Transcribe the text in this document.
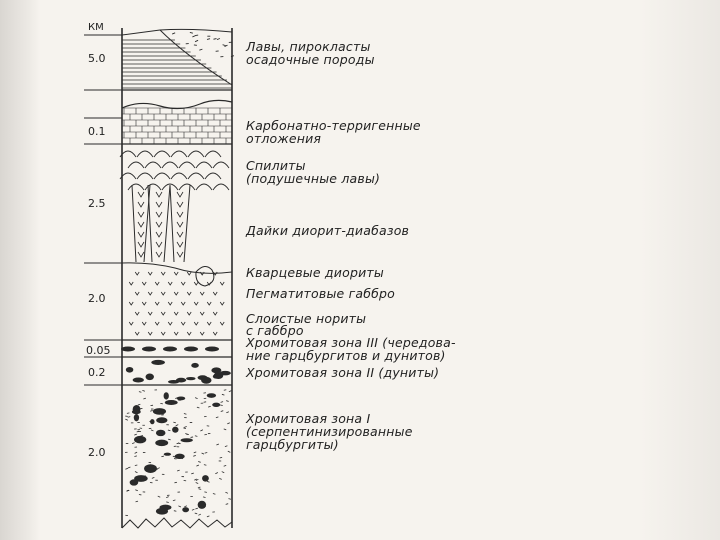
КМ
5.0
0.1
2.5
2.0
0.05
0.2
2.0
Лавы, пирокласты
осадочные породы
Карбонатно-терригенные
отложения
Спилиты
(подушечные лавы)
Дайки диорит-диабазов
Кварцевые диориты
Пегматитовые габбро
Слоистые нориты
с габбро
Хромитовая зона III (чередова-
ние гарцбургитов и дунитов)
Хромитовая зона II (дуниты)
Хромитовая зона I
(серпентинизированные
гарцбургиты)
